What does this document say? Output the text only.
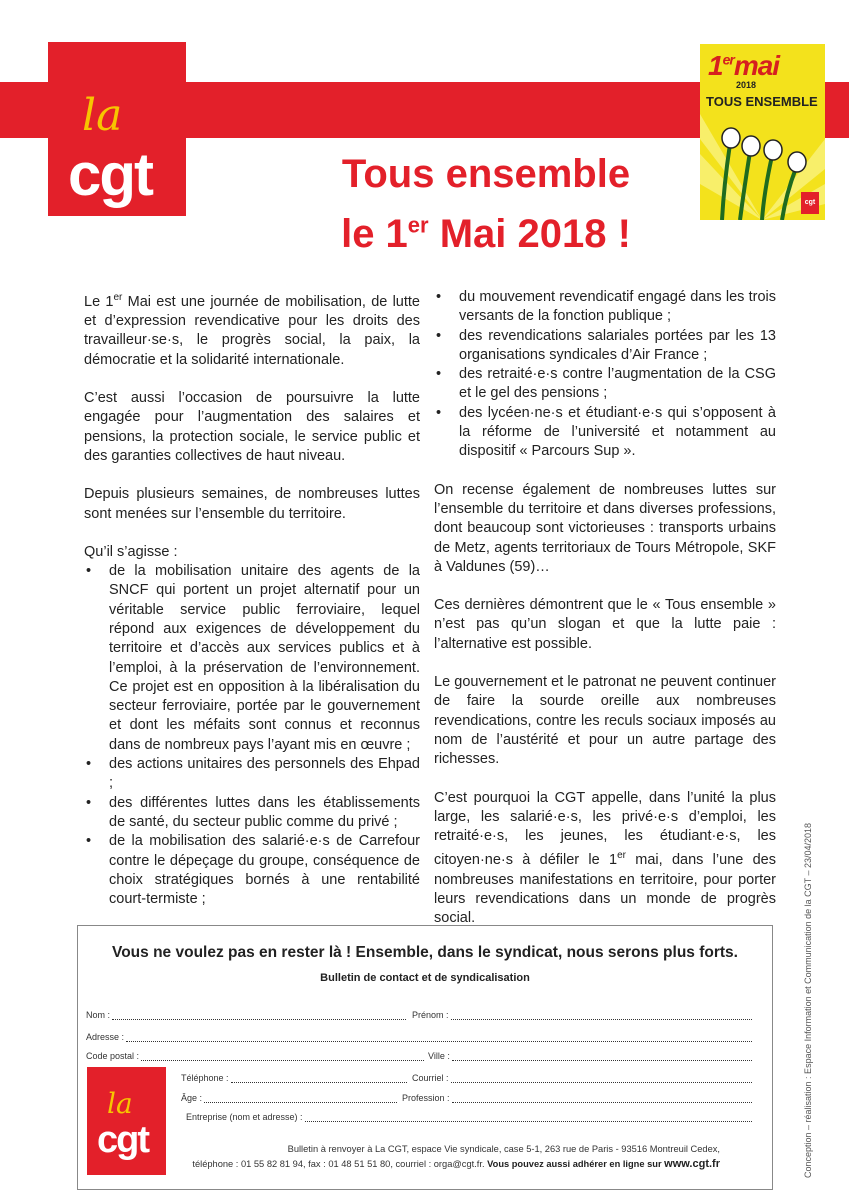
la
cgt
1ermai
2018
TOUS ENSEMBLE
cgt
Tous ensemble
le 1er Mai 2018 !

Le 1er Mai est une journée de mobilisation, de lutte et d’expression revendicative pour les droits des travailleur·se·s, le progrès social, la paix, la démocratie et la solidarité internationale.

C’est aussi l’occasion de poursuivre la lutte engagée pour l’augmentation des salaires et pensions, la protection sociale, le service public et des garanties collectives de haut niveau.

Depuis plusieurs semaines, de nombreuses luttes sont menées sur l’ensemble du territoire.

Qu’il s’agisse :

• de la mobilisation unitaire des agents de la SNCF qui portent un projet alternatif pour un véritable service public ferroviaire, lequel répond aux exigences de développement du territoire et d’accès aux services publics et à l’emploi, à la préservation de l’environnement. Ce projet est en opposition à la libéralisation du secteur ferroviaire, portée par le gouvernement et dont les méfaits sont connus et reconnus dans de nombreux pays l’ayant mis en œuvre ;
• des actions unitaires des personnels des Ehpad ;
• des différentes luttes dans les établissements de santé, du secteur public comme du privé ;
• de la mobilisation des salarié·e·s de Carrefour contre le dépeçage du groupe, conséquence de choix stratégiques bornés à une rentabilité court-termiste ;
• du mouvement revendicatif engagé dans les trois versants de la fonction publique ;
• des revendications salariales portées par les 13 organisations syndicales d’Air France ;
• des retraité·e·s contre l’augmentation de la CSG et le gel des pensions ;
• des lycéen·ne·s et étudiant·e·s qui s’opposent à la réforme de l’université et notamment au dispositif « Parcours Sup ».

On recense également de nombreuses luttes sur l’ensemble du territoire et dans diverses professions, dont beaucoup sont victorieuses : transports urbains de Metz, agents territoriaux de Tours Métropole, SKF à Valdunes (59)…

Ces dernières démontrent que le « Tous ensemble » n’est pas qu’un slogan et que la lutte paie : l’alternative est possible.

Le gouvernement et le patronat ne peuvent continuer de faire la sourde oreille aux nombreuses revendications, contre les reculs sociaux imposés au nom de l’austérité et pour un autre partage des richesses.

C’est pourquoi la CGT appelle, dans l’unité la plus large, les salarié·e·s, les privé·e·s d’emploi, les retraité·e·s, les jeunes, les étudiant·e·s, les citoyen·ne·s à défiler le 1er mai, dans l’une des nombreuses manifestations en territoire, pour porter leurs revendications dans un monde de progrès social.	Conception – réalisation : Espace Information et Communication de la CGT – 23/04/2018
Vous ne voulez pas en rester là ! Ensemble, dans le syndicat, nous serons plus forts.
Bulletin de contact et de syndicalisation
Nom :	Prénom :
Adresse :
Code postal :	Ville :
Téléphone :	Courriel :
Âge :	Profession :
Entreprise (nom et adresse) :
la
cgt	Bulletin à renvoyer à La CGT, espace Vie syndicale, case 5-1, 263 rue de Paris - 93516 Montreuil Cedex,
téléphone : 01 55 82 81 94, fax : 01 48 51 51 80, courriel : orga@cgt.fr. Vous pouvez aussi adhérer en ligne sur www.cgt.fr
